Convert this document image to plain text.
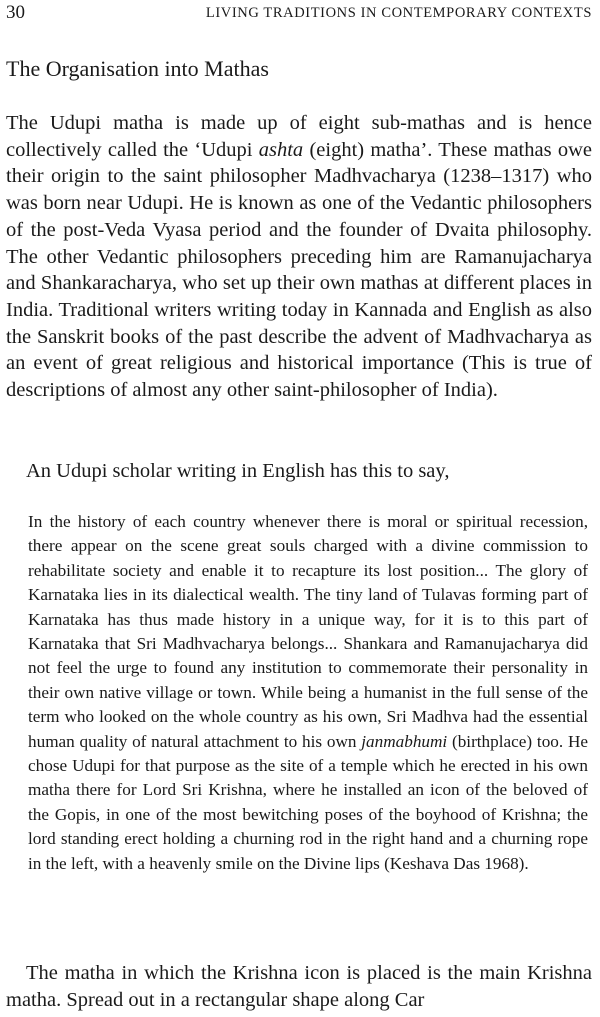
30	LIVING TRADITIONS IN CONTEMPORARY CONTEXTS
The Organisation into Mathas

The Udupi matha is made up of eight sub-mathas and is hence collectively called the ‘Udupi ashta (eight) matha’. These mathas owe their origin to the saint philosopher Madhvacharya (1238–1317) who was born near Udupi. He is known as one of the Vedantic philosophers of the post-Veda Vyasa period and the founder of Dvaita philosophy. The other Vedantic philosophers preceding him are Ramanujacharya and Shankaracharya, who set up their own mathas at different places in India. Traditional writers writing today in Kannada and English as also the Sanskrit books of the past describe the advent of Madhvacharya as an event of great religious and historical importance (This is true of descriptions of almost any other saint-philosopher of India).

An Udupi scholar writing in English has this to say,

In the history of each country whenever there is moral or spiritual recession, there appear on the scene great souls charged with a divine commission to rehabilitate society and enable it to recapture its lost position... The glory of Karnataka lies in its dialectical wealth. The tiny land of Tulavas forming part of Karnataka has thus made history in a unique way, for it is to this part of Karnataka that Sri Madhvacharya belongs... Shankara and Ramanujacharya did not feel the urge to found any institution to commemorate their personality in their own native village or town. While being a humanist in the full sense of the term who looked on the whole country as his own, Sri Madhva had the essential human quality of natural attachment to his own janmabhumi (birthplace) too. He chose Udupi for that purpose as the site of a temple which he erected in his own matha there for Lord Sri Krishna, where he installed an icon of the beloved of the Gopis, in one of the most bewitching poses of the boyhood of Krishna; the lord standing erect holding a churning rod in the right hand and a churning rope in the left, with a heavenly smile on the Divine lips (Keshava Das 1968).

The matha in which the Krishna icon is placed is the main Krishna matha. Spread out in a rectangular shape along Car
